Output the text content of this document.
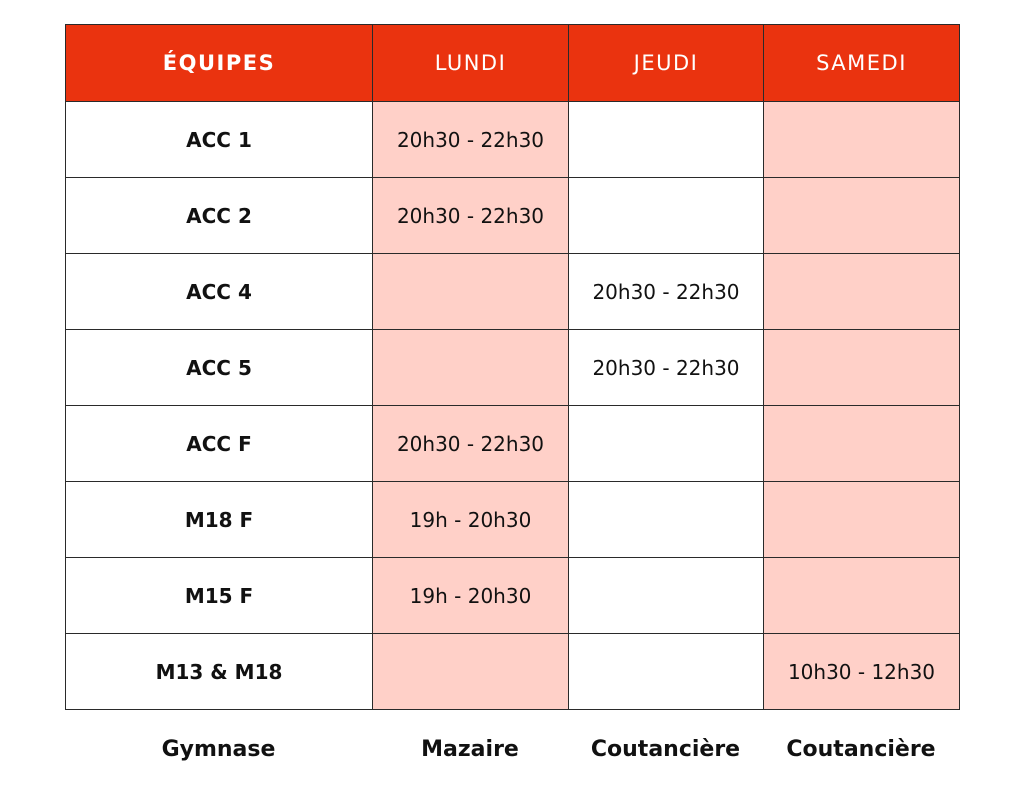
ÉQUIPES	LUNDI	JEUDI	SAMEDI
ACC 1	20h30 - 22h30		
ACC 2	20h30 - 22h30		
ACC 4		20h30 - 22h30	
ACC 5		20h30 - 22h30	
ACC F	20h30 - 22h30		
M18 F	19h - 20h30		
M15 F	19h - 20h30		
M13 & M18			10h30 - 12h30
Gymnase	Mazaire	Coutancière	Coutancière
